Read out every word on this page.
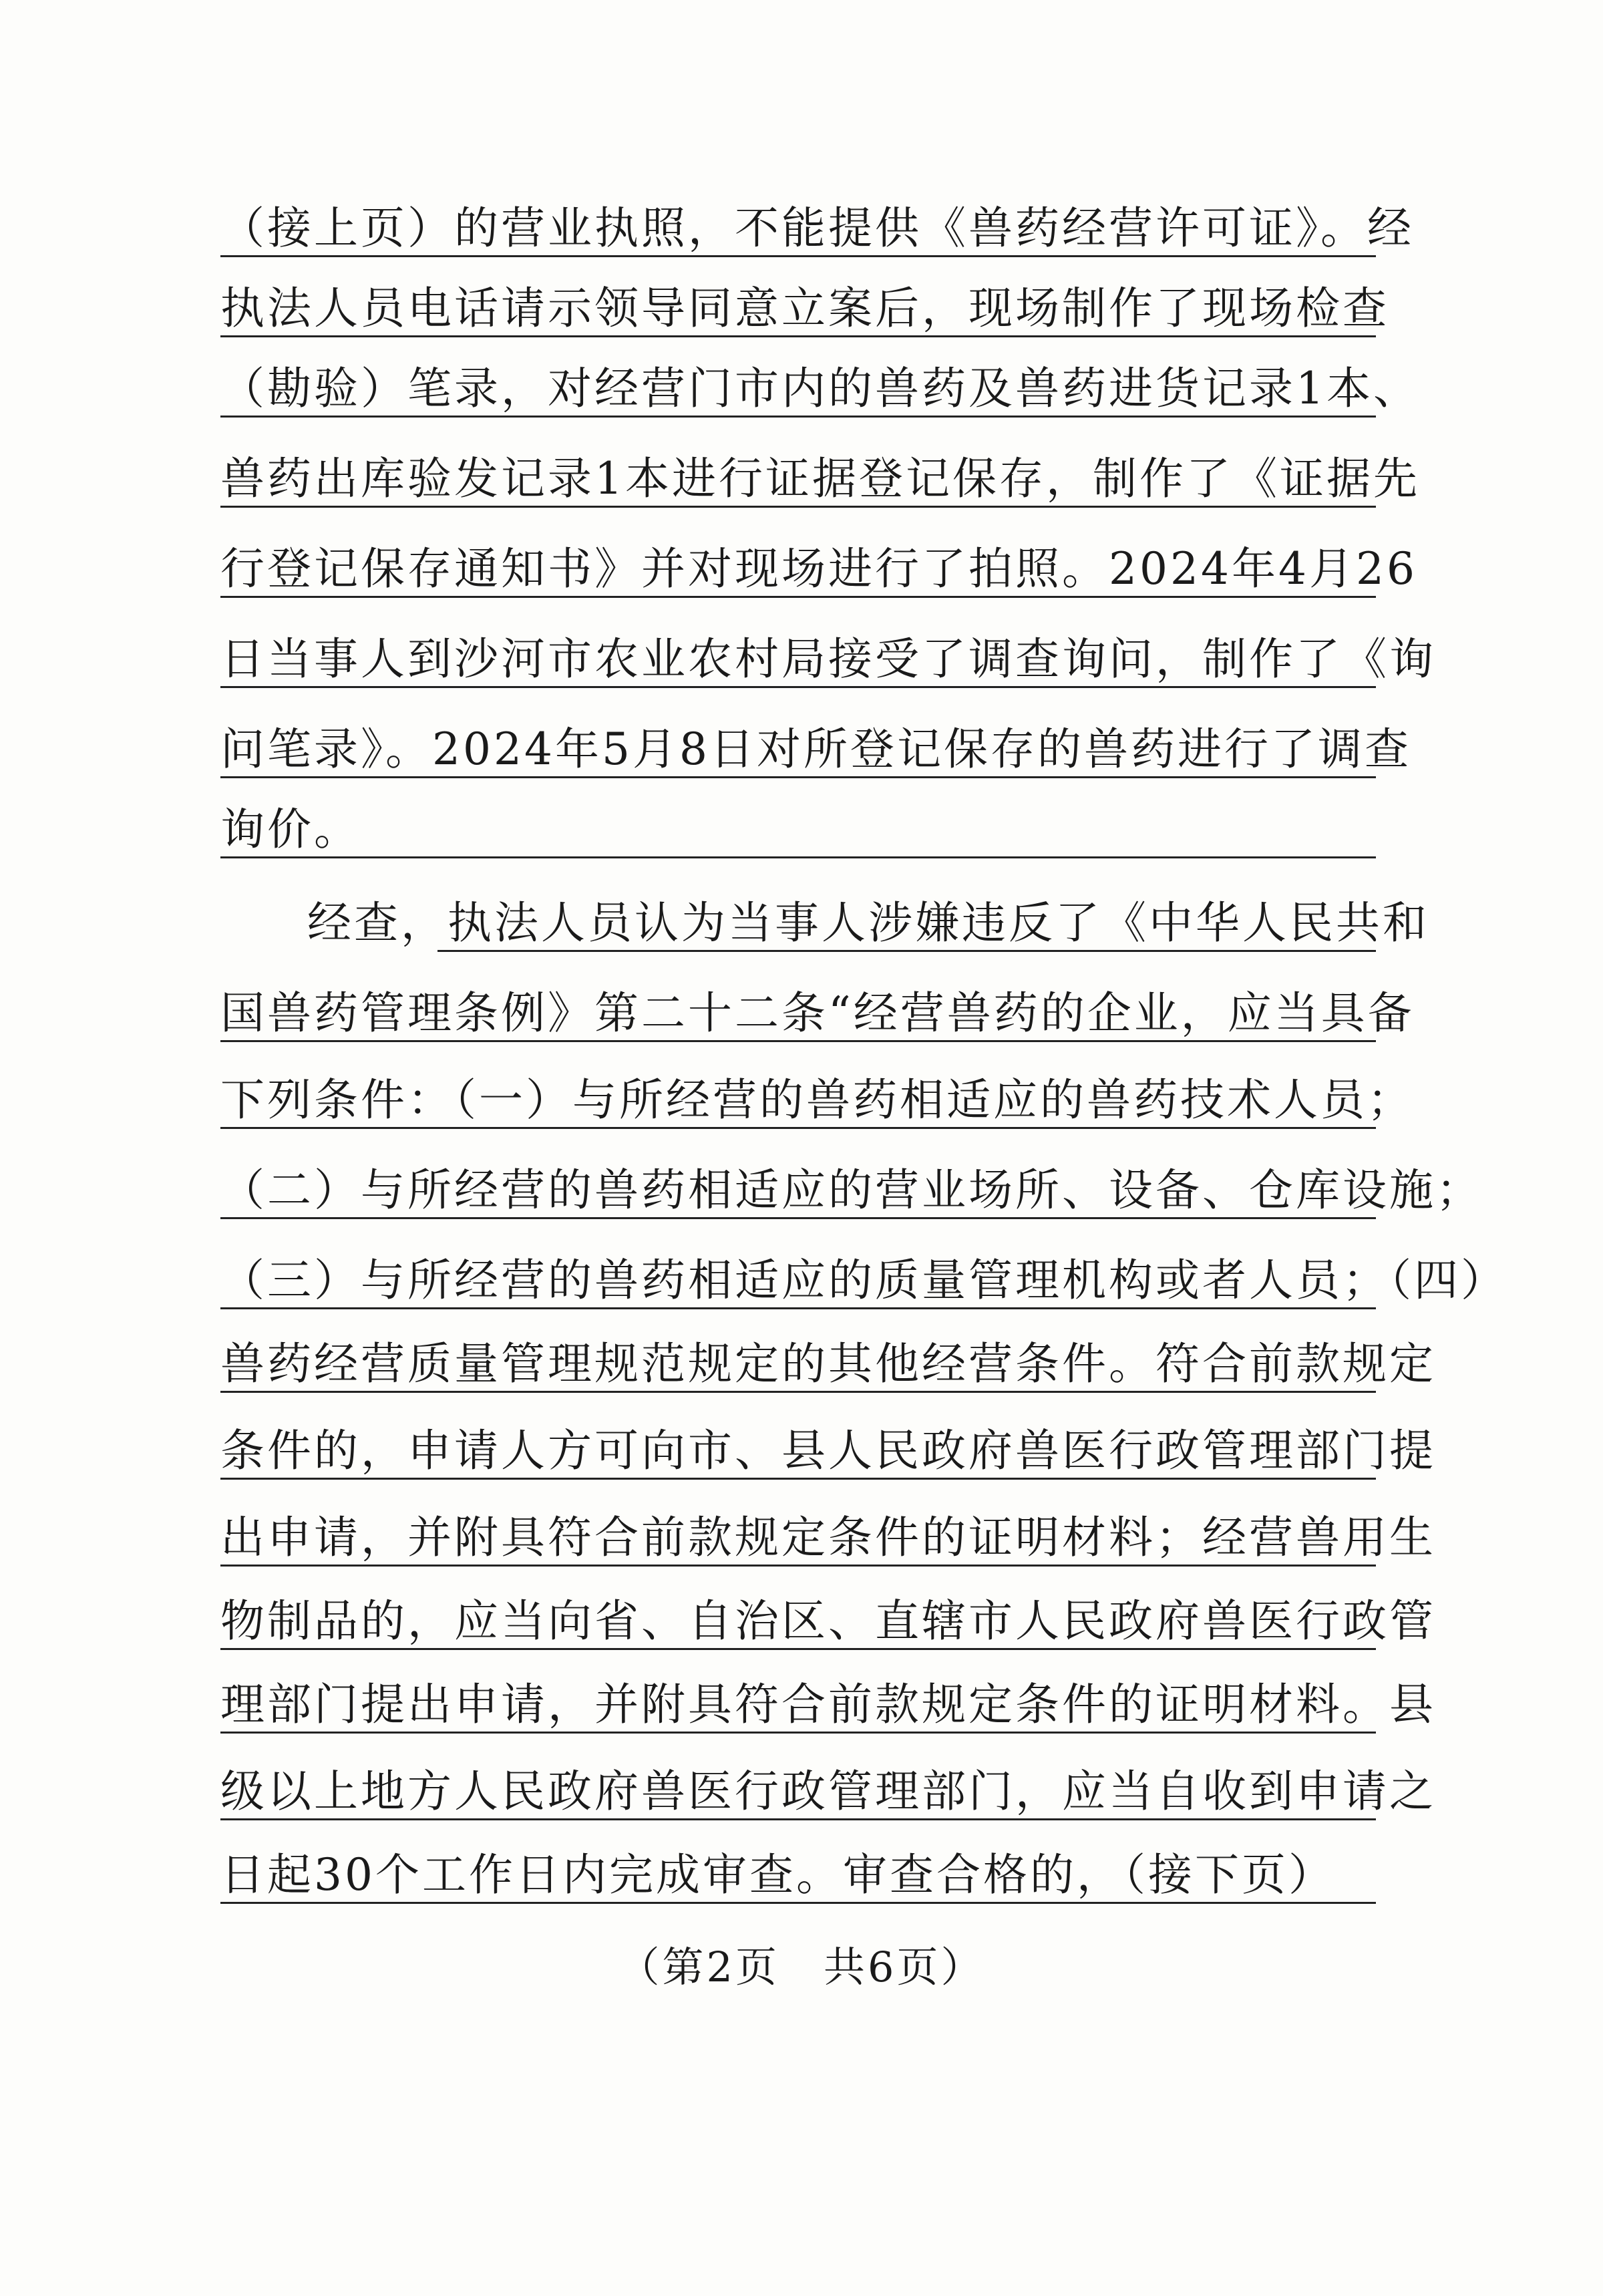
（接上页）的营业执照，不能提供《兽药经营许可证》。经
执法人员电话请示领导同意立案后，现场制作了现场检查
（勘验）笔录，对经营门市内的兽药及兽药进货记录1本、
兽药出库验发记录1本进行证据登记保存，制作了《证据先
行登记保存通知书》并对现场进行了拍照。2024年4月26
日当事人到沙河市农业农村局接受了调查询问，制作了《询
问笔录》。2024年5月8日对所登记保存的兽药进行了调查
询价。
经查，执法人员认为当事人涉嫌违反了《中华人民共和
国兽药管理条例》第二十二条“经营兽药的企业，应当具备
下列条件：（一）与所经营的兽药相适应的兽药技术人员；
（二）与所经营的兽药相适应的营业场所、设备、仓库设施；
（三）与所经营的兽药相适应的质量管理机构或者人员；（四）
兽药经营质量管理规范规定的其他经营条件。符合前款规定
条件的，申请人方可向市、县人民政府兽医行政管理部门提
出申请，并附具符合前款规定条件的证明材料；经营兽用生
物制品的，应当向省、自治区、直辖市人民政府兽医行政管
理部门提出申请，并附具符合前款规定条件的证明材料。县
级以上地方人民政府兽医行政管理部门，应当自收到申请之
日起30个工作日内完成审查。审查合格的，（接下页）
（第2页　共6页）
